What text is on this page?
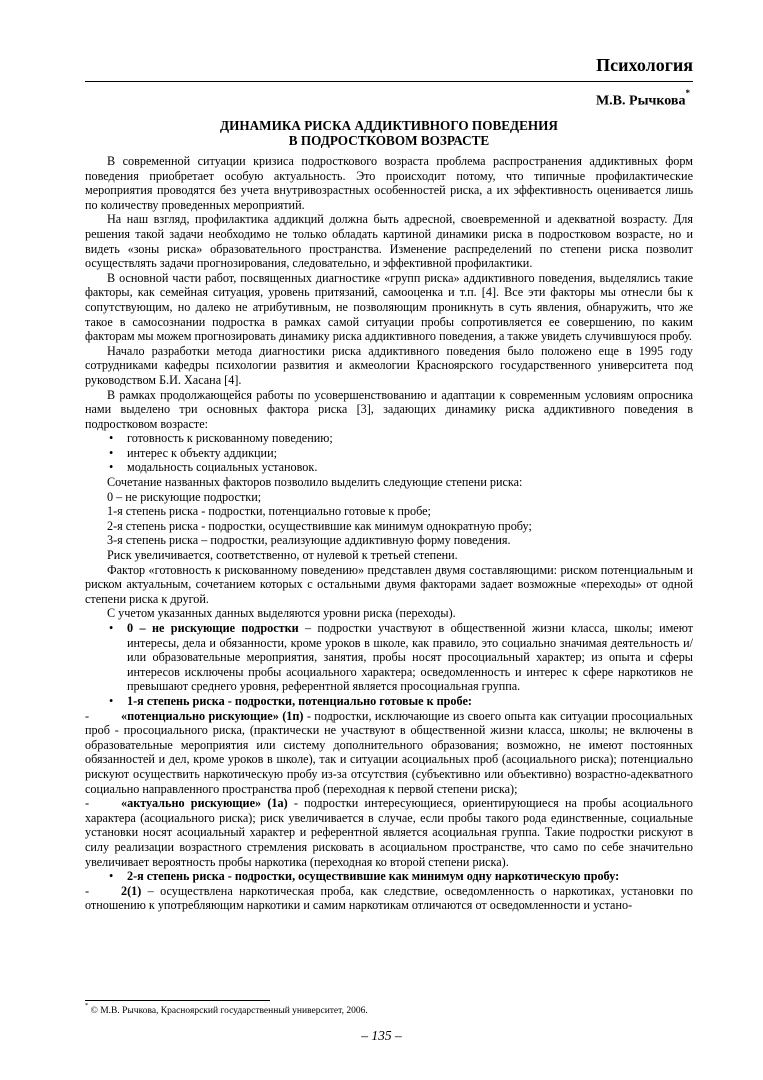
Психология
М.В. Рычкова*
ДИНАМИКА РИСКА АДДИКТИВНОГО ПОВЕДЕНИЯ
В ПОДРОСТКОВОМ ВОЗРАСТЕ

В современной ситуации кризиса подросткового возраста проблема распространения аддиктивных форм поведения приобретает особую актуальность. Это происходит потому, что типичные профилактические мероприятия проводятся без учета внутривозрастных особенностей риска, а их эффективность оценивается лишь по количеству проведенных мероприятий.

На наш взгляд, профилактика аддикций должна быть адресной, своевременной и адекватной возрасту. Для решения такой задачи необходимо не только обладать картиной динамики риска в подростковом возрасте, но и видеть «зоны риска» образовательного пространства. Изменение распределений по степени риска позволит осуществлять задачи прогнозирования, следовательно, и эффективной профилактики.

В основной части работ, посвященных диагностике «групп риска» аддиктивного поведения, выделялись такие факторы, как семейная ситуация, уровень притязаний, самооценка и т.п. [4]. Все эти факторы мы отнесли бы к сопутствующим, но далеко не атрибутивным, не позволяющим проникнуть в суть явления, обнаружить, что же такое в самосознании подростка в рамках самой ситуации пробы сопротивляется ее совершению, по каким факторам мы можем прогнозировать динамику риска аддиктивного поведения, а также увидеть случившуюся пробу.

Начало разработки метода диагностики риска аддиктивного поведения было положено еще в 1995 году сотрудниками кафедры психологии развития и акмеологии Красноярского государственного университета под руководством Б.И. Хасана [4].

В рамках продолжающейся работы по усовершенствованию и адаптации к современным условиям опросника нами выделено три основных фактора риска [3], задающих динамику риска аддиктивного поведения в подростковом возрасте:

• готовность к рискованному поведению;

• интерес к объекту аддикции;

• модальность социальных установок.

Сочетание названных факторов позволило выделить следующие степени риска:

0 – не рискующие подростки;

1-я степень риска - подростки, потенциально готовые к пробе;

2-я степень риска - подростки, осуществившие как минимум однократную пробу;

3-я степень риска – подростки, реализующие аддиктивную форму поведения.

Риск увеличивается, соответственно, от нулевой к третьей степени.

Фактор «готовность к рискованному поведению» представлен двумя составляющими: риском потенциальным и риском актуальным, сочетанием которых с остальными двумя факторами задает возможные «переходы» от одной степени риска к другой.

С учетом указанных данных выделяются уровни риска (переходы).

• 0 – не рискующие подростки – подростки участвуют в общественной жизни класса, школы; имеют интересы, дела и обязанности, кроме уроков в школе, как правило, это социально значимая деятельность и/или образовательные мероприятия, занятия, пробы носят просоциальный характер; из опыта и сферы интересов исключены пробы асоциального характера; осведомленность и интерес к сфере наркотиков не превышают среднего уровня, референтной является просоциальная группа.

• 1-я степень риска - подростки, потенциально готовые к пробе:

-	«потенциально рискующие» (1п) - подростки, исключающие из своего опыта как ситуации просоциальных проб - просоциального риска, (практически не участвуют в общественной жизни класса, школы; не включены в образовательные мероприятия или систему дополнительного образования; возможно, не имеют постоянных обязанностей и дел, кроме уроков в школе), так и ситуации асоциальных проб (асоциального риска); потенциально рискуют осуществить наркотическую пробу из-за отсутствия (субъективно или объективно) возрастно-адекватного социально направленного пространства проб (переходная к первой степени риска);

-	«актуально рискующие» (1а) - подростки интересующиеся, ориентирующиеся на пробы асоциального характера (асоциального риска); риск увеличивается в случае, если пробы такого рода единственные, социальные установки носят асоциальный характер и референтной является асоциальная группа. Такие подростки рискуют в силу реализации возрастного стремления рисковать в асоциальном пространстве, что само по себе значительно увеличивает вероятность пробы наркотика (переходная ко второй степени риска).

• 2-я степень риска - подростки, осуществившие как минимум одну наркотическую пробу:

-	2(1) – осуществлена наркотическая проба, как следствие, осведомленность о наркотиках, установки по отношению к употребляющим наркотики и самим наркотикам отличаются от осведомленности и устано-

* © М.В. Рычкова, Красноярский государственный университет, 2006.
– 135 –
